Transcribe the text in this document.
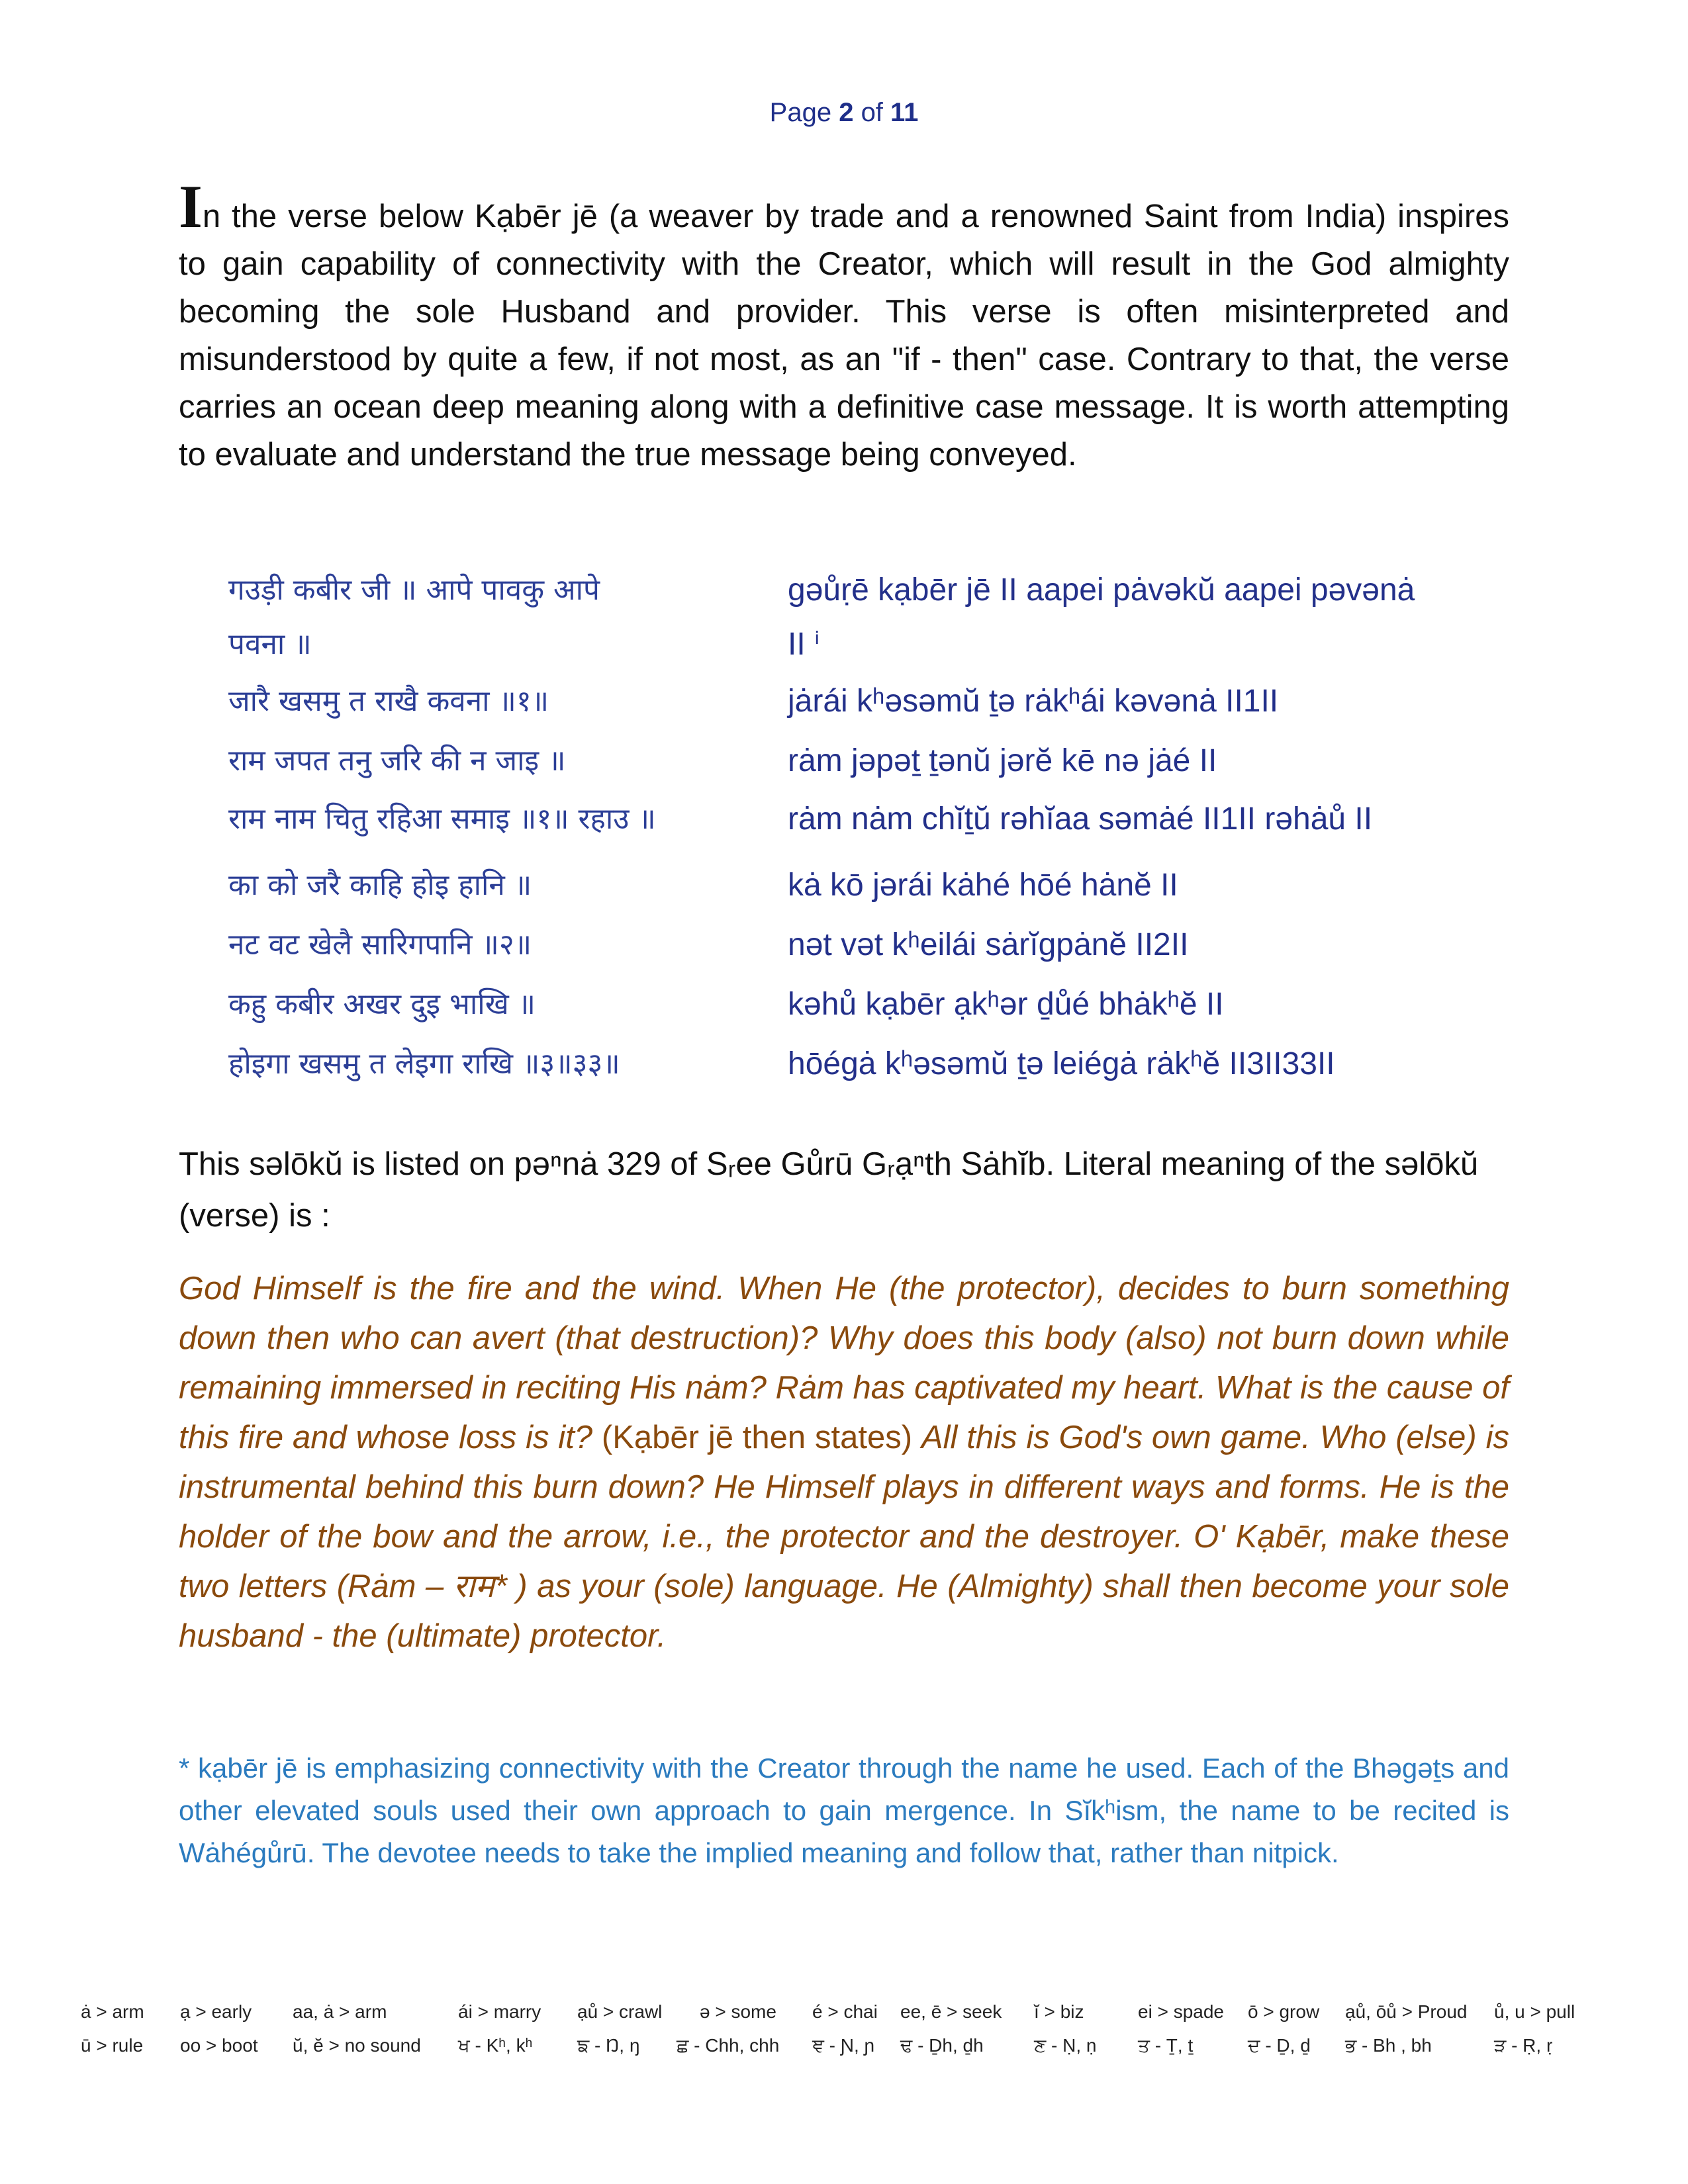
Page 2 of 11
In the verse below Kạbēr jē (a weaver by trade and a renowned Saint from India) inspires to gain capability of connectivity with the Creator, which will result in the God almighty becoming the sole Husband and provider. This verse is often misinterpreted and misunderstood by quite a few, if not most, as an "if - then" case. Contrary to that, the verse carries an ocean deep meaning along with a definitive case message. It is worth attempting to evaluate and understand the true message being conveyed.
गउड़ी कबीर जी ॥ आपे पावकु आपे	gəůṛē kạbēr jē II aapei pȧvəkŭ aapei pəvənȧ
पवना ॥	II ⁱ
जारै खसमु त राखै कवना ॥१॥	jȧrái kʰəsəmŭ ṯə rȧkʰái kəvənȧ II1II
राम जपत तनु जरि की न जाइ ॥	rȧm jəpəṯ ṯənŭ jərĕ kē nə jȧé II
राम नाम चितु रहिआ समाइ ॥१॥ रहाउ ॥	rȧm nȧm chĭṯŭ rəhĭaa səmȧé II1II rəhȧů II
का को जरै काहि होइ हानि ॥	kȧ kō jərái kȧhé hōé hȧnĕ II
नट वट खेलै सारिगपानि ॥२॥	nət vət kʰeilái sȧrĭgpȧnĕ II2II
कहु कबीर अखर दुइ भाखि ॥	kəhů kạbēr ạkʰər ḏůé bhȧkʰĕ II
होइगा खसमु त लेइगा राखि ॥३॥३३॥	hōégȧ kʰəsəmŭ ṯə leiégȧ rȧkʰĕ II3II33II
This səlōkŭ is listed on pəⁿnȧ 329 of Sᵣee Gůrū Gᵣạⁿth Sȧhĭb. Literal meaning of the səlōkŭ (verse) is :
God Himself is the fire and the wind. When He (the protector), decides to burn something down then who can avert (that destruction)? Why does this body (also) not burn down while remaining immersed in reciting His nȧm? Rȧm has captivated my heart. What is the cause of this fire and whose loss is it? (Kạbēr jē then states) All this is God's own game. Who (else) is instrumental behind this burn down? He Himself plays in different ways and forms. He is the holder of the bow and the arrow, i.e., the protector and the destroyer. O' Kạbēr, make these two letters (Rȧm – राम* ) as your (sole) language. He (Almighty) shall then become your sole husband - the (ultimate) protector.
* kạbēr jē is emphasizing connectivity with the Creator through the name he used. Each of the Bhəgəṯs and other elevated souls used their own approach to gain mergence. In Sĭkʰism, the name to be recited is Wȧhégůrū. The devotee needs to take the implied meaning and follow that, rather than nitpick.
ȧ > arm ạ > early aa, ȧ > arm	ái > marry ạů > crawl ə > some é > chai ee, ē > seek ĭ > biz	ei > spade ō > grow ạů, ōů > Proud ů, u > pull
ū > rule oo > boot ŭ, ĕ > no sound ਖ - Kʰ, kʰ ਙ - Ŋ, ŋ ਛ - Chh, chh ਞ - Ɲ, ɲ ਢ - Ḏh, ḏh	ਣ - Ṇ, ṇ ਤ - Ṯ, ṯ	ਦ - Ḏ, ḏ ਭ - Bh , bh	ੜ - Ṛ, ṛ
